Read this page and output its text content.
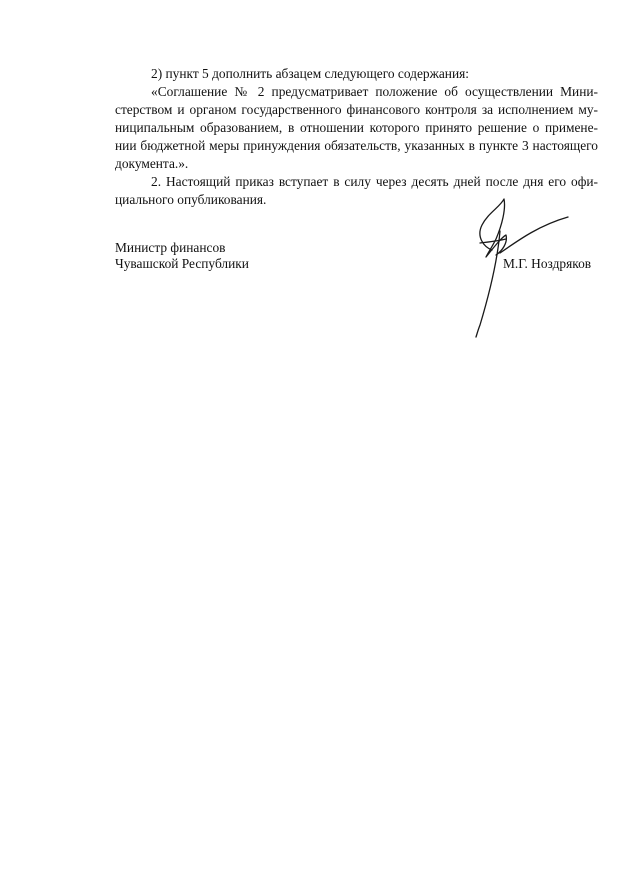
2) пункт 5 дополнить абзацем следующего содержания:
«Соглашение № 2 предусматривает положение об осуществлении Мини-
стерством и органом государственного финансового контроля за исполнением му-
ниципальным образованием, в отношении которого принято решение о примене-
нии бюджетной меры принуждения обязательств, указанных в пункте 3 настоящего
документа.».
2. Настоящий приказ вступает в силу через десять дней после дня его офи-
циального опубликования.
Министр финансов
Чувашской Республики	М.Г. Ноздряков
